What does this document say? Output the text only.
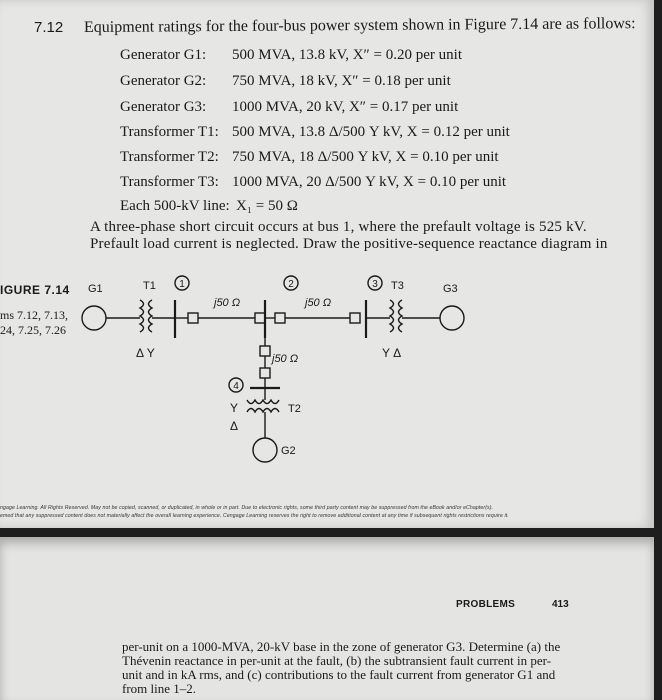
7.12 Equipment ratings for the four-bus power system shown in Figure 7.14 are as follows:
Generator G1: 500 MVA, 13.8 kV, X″ = 0.20 per unit
Generator G2: 750 MVA, 18 kV, X″ = 0.18 per unit
Generator G3: 1000 MVA, 20 kV, X″ = 0.17 per unit
Transformer T1: 500 MVA, 13.8 Δ/500 Y kV, X = 0.12 per unit
Transformer T2: 750 MVA, 18 Δ/500 Y kV, X = 0.10 per unit
Transformer T3: 1000 MVA, 20 Δ/500 Y kV, X = 0.10 per unit
Each 500-kV line: X₁ = 50 Ω
A three-phase short circuit occurs at bus 1, where the prefault voltage is 525 kV.
Prefault load current is neglected. Draw the positive-sequence reactance diagram in
IGURE 7.14 G1
ms 7.12, 7.13,
24, 7.25, 7.26
T1 1	2	3
4
T3	G3
j50 Ω	j50 Ω
j50 Ω
Δ Y	Y Δ
Y
Δ
T2
G2
ngage Learning. All Rights Reserved. May not be copied, scanned, or duplicated, in whole or in part. Due to electronic rights, some third party content may be suppressed from the eBook and/or eChapter(s).
emed that any suppressed content does not materially affect the overall learning experience. Cengage Learning reserves the right to remove additional content at any time if subsequent rights restrictions require it.
PROBLEMS	413
per-unit on a 1000-MVA, 20-kV base in the zone of generator G3. Determine (a) the
Thévenin reactance in per-unit at the fault, (b) the subtransient fault current in per-
unit and in kA rms, and (c) contributions to the fault current from generator G1 and
from line 1–2.
